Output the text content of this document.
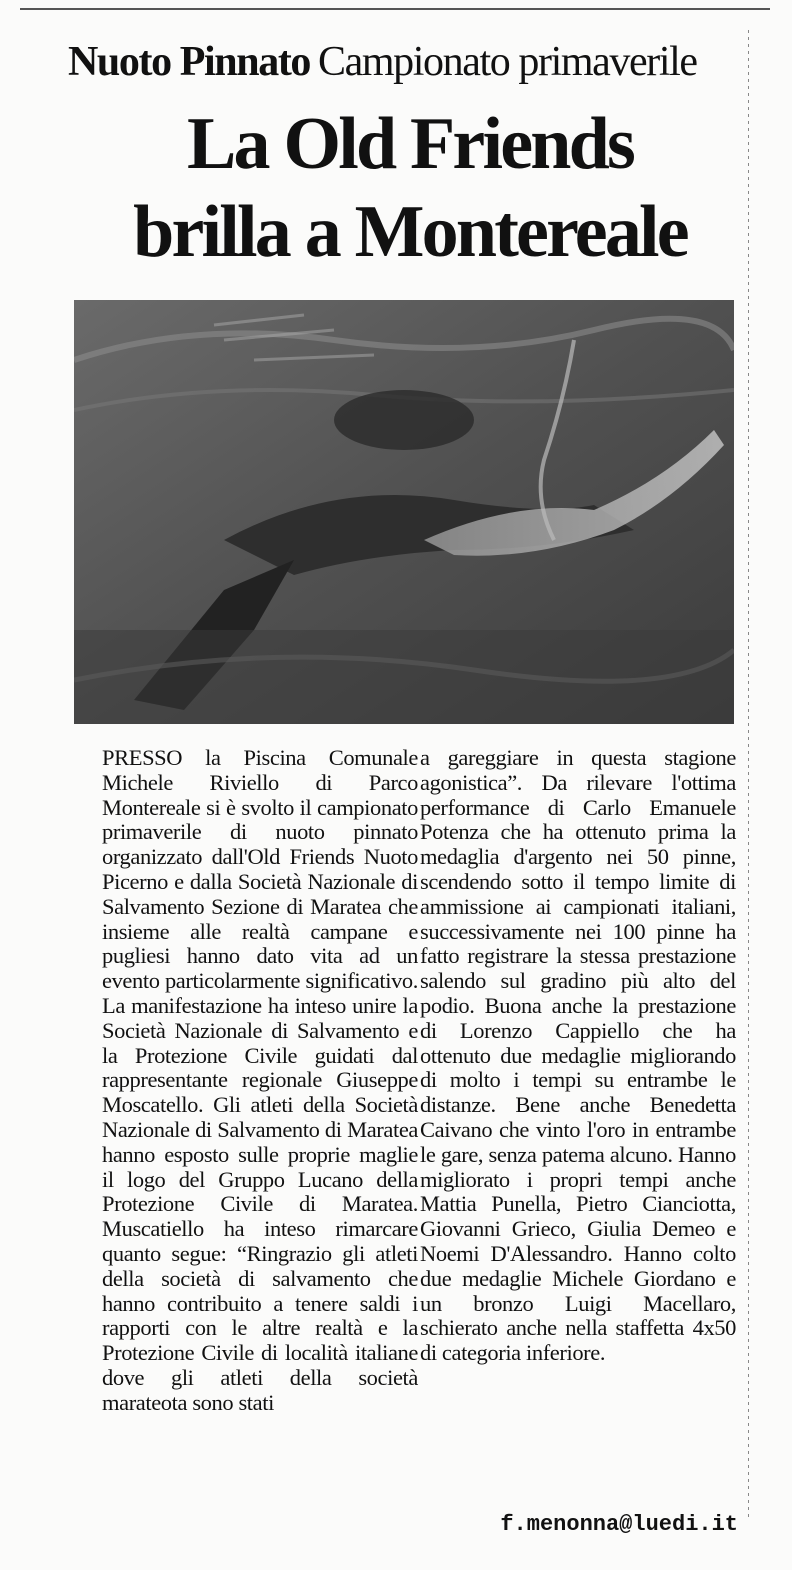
Nuoto Pinnato Campionato primaverile
La Old Friends
brilla a Montereale
PRESSO la Piscina Comunale Michele Riviello di Parco Montereale si è svolto il campionato primaverile di nuoto pinnato organizzato dall'Old Friends Nuoto Picerno e dalla Società Nazionale di Salvamento Sezione di Maratea che insieme alle realtà campane e pugliesi hanno dato vita ad un evento particolarmente significativo. La manifestazione ha inteso unire la Società Nazionale di Salvamento e la Protezione Civile guidati dal rappresentante regionale Giuseppe Moscatello. Gli atleti della Società Nazionale di Salvamento di Maratea hanno esposto sulle proprie maglie il logo del Gruppo Lucano della Protezione Civile di Maratea. Muscatiello ha inteso rimarcare quanto segue: “Ringrazio gli atleti della società di salvamento che hanno contribuito a tenere saldi i rapporti con le altre realtà e la Protezione Civile di località italiane dove gli atleti della società marateota sono stati
a gareggiare in questa stagione agonistica”. Da rilevare l'ottima performance di Carlo Emanuele Potenza che ha ottenuto prima la medaglia d'argento nei 50 pinne, scendendo sotto il tempo limite di ammissione ai campionati italiani, successivamente nei 100 pinne ha fatto registrare la stessa prestazione salendo sul gradino più alto del podio. Buona anche la prestazione di Lorenzo Cappiello che ha ottenuto due medaglie migliorando di molto i tempi su entrambe le distanze. Bene anche Benedetta Caivano che vinto l'oro in entrambe le gare, senza patema alcuno. Hanno migliorato i propri tempi anche Mattia Punella, Pietro Cianciotta, Giovanni Grieco, Giulia Demeo e Noemi D'Alessandro. Hanno colto due medaglie Michele Giordano e un bronzo Luigi Macellaro, schierato anche nella staffetta 4x50 di categoria inferiore.
f.menonna@luedi.it
